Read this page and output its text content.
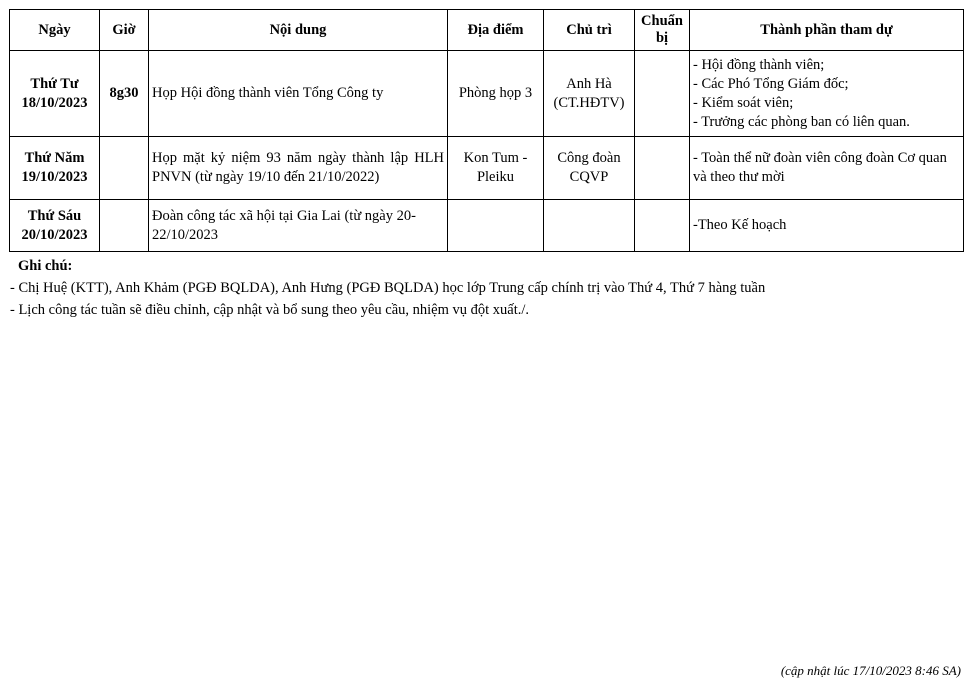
Ngày	Giờ	Nội dung	Địa điểm	Chủ trì	Chuẩn bị	Thành phần tham dự

Thứ Tư
18/10/2023	8g30	Họp Hội đồng thành viên Tổng Công ty	Phòng họp 3	Anh Hà (CT.HĐTV)		- Hội đồng thành viên;
- Các Phó Tổng Giám đốc;
- Kiểm soát viên;
- Trưởng các phòng ban có liên quan.

Thứ Năm
19/10/2023		Họp mặt kỷ niệm 93 năm ngày thành lập HLH PNVN (từ ngày 19/10 đến 21/10/2022)	Kon Tum - Pleiku	Công đoàn CQVP		- Toàn thể nữ đoàn viên công đoàn Cơ quan và theo thư mời

Thứ Sáu
20/10/2023		Đoàn công tác xã hội tại Gia Lai (từ ngày 20-22/10/2023				-Theo Kế hoạch
Ghi chú:
- Chị Huệ (KTT), Anh Khảm (PGĐ BQLDA), Anh Hưng (PGĐ BQLDA) học lớp Trung cấp chính trị vào Thứ 4, Thứ 7 hàng tuần
- Lịch công tác tuần sẽ điều chỉnh, cập nhật và bổ sung theo yêu cầu, nhiệm vụ đột xuất./.
(cập nhật lúc 17/10/2023 8:46 SA)
